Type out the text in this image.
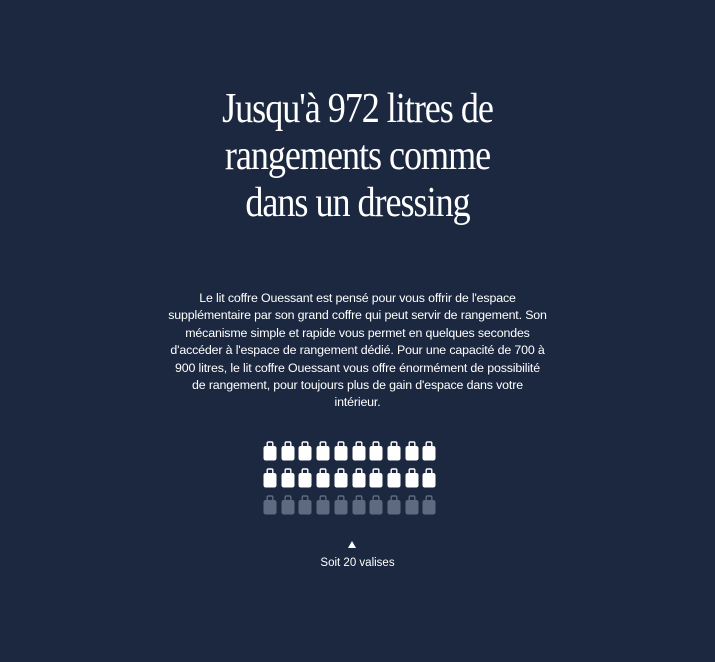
Jusqu'à 972 litres de
rangements comme
dans un dressing

Le lit coffre Ouessant est pensé pour vous offrir de l'espace supplémentaire par son grand coffre qui peut servir de rangement. Son mécanisme simple et rapide vous permet en quelques secondes d'accéder à l'espace de rangement dédié. Pour une capacité de 700 à 900 litres, le lit coffre Ouessant vous offre énormément de possibilité de rangement, pour toujours plus de gain d'espace dans votre intérieur.

Soit 20 valises
